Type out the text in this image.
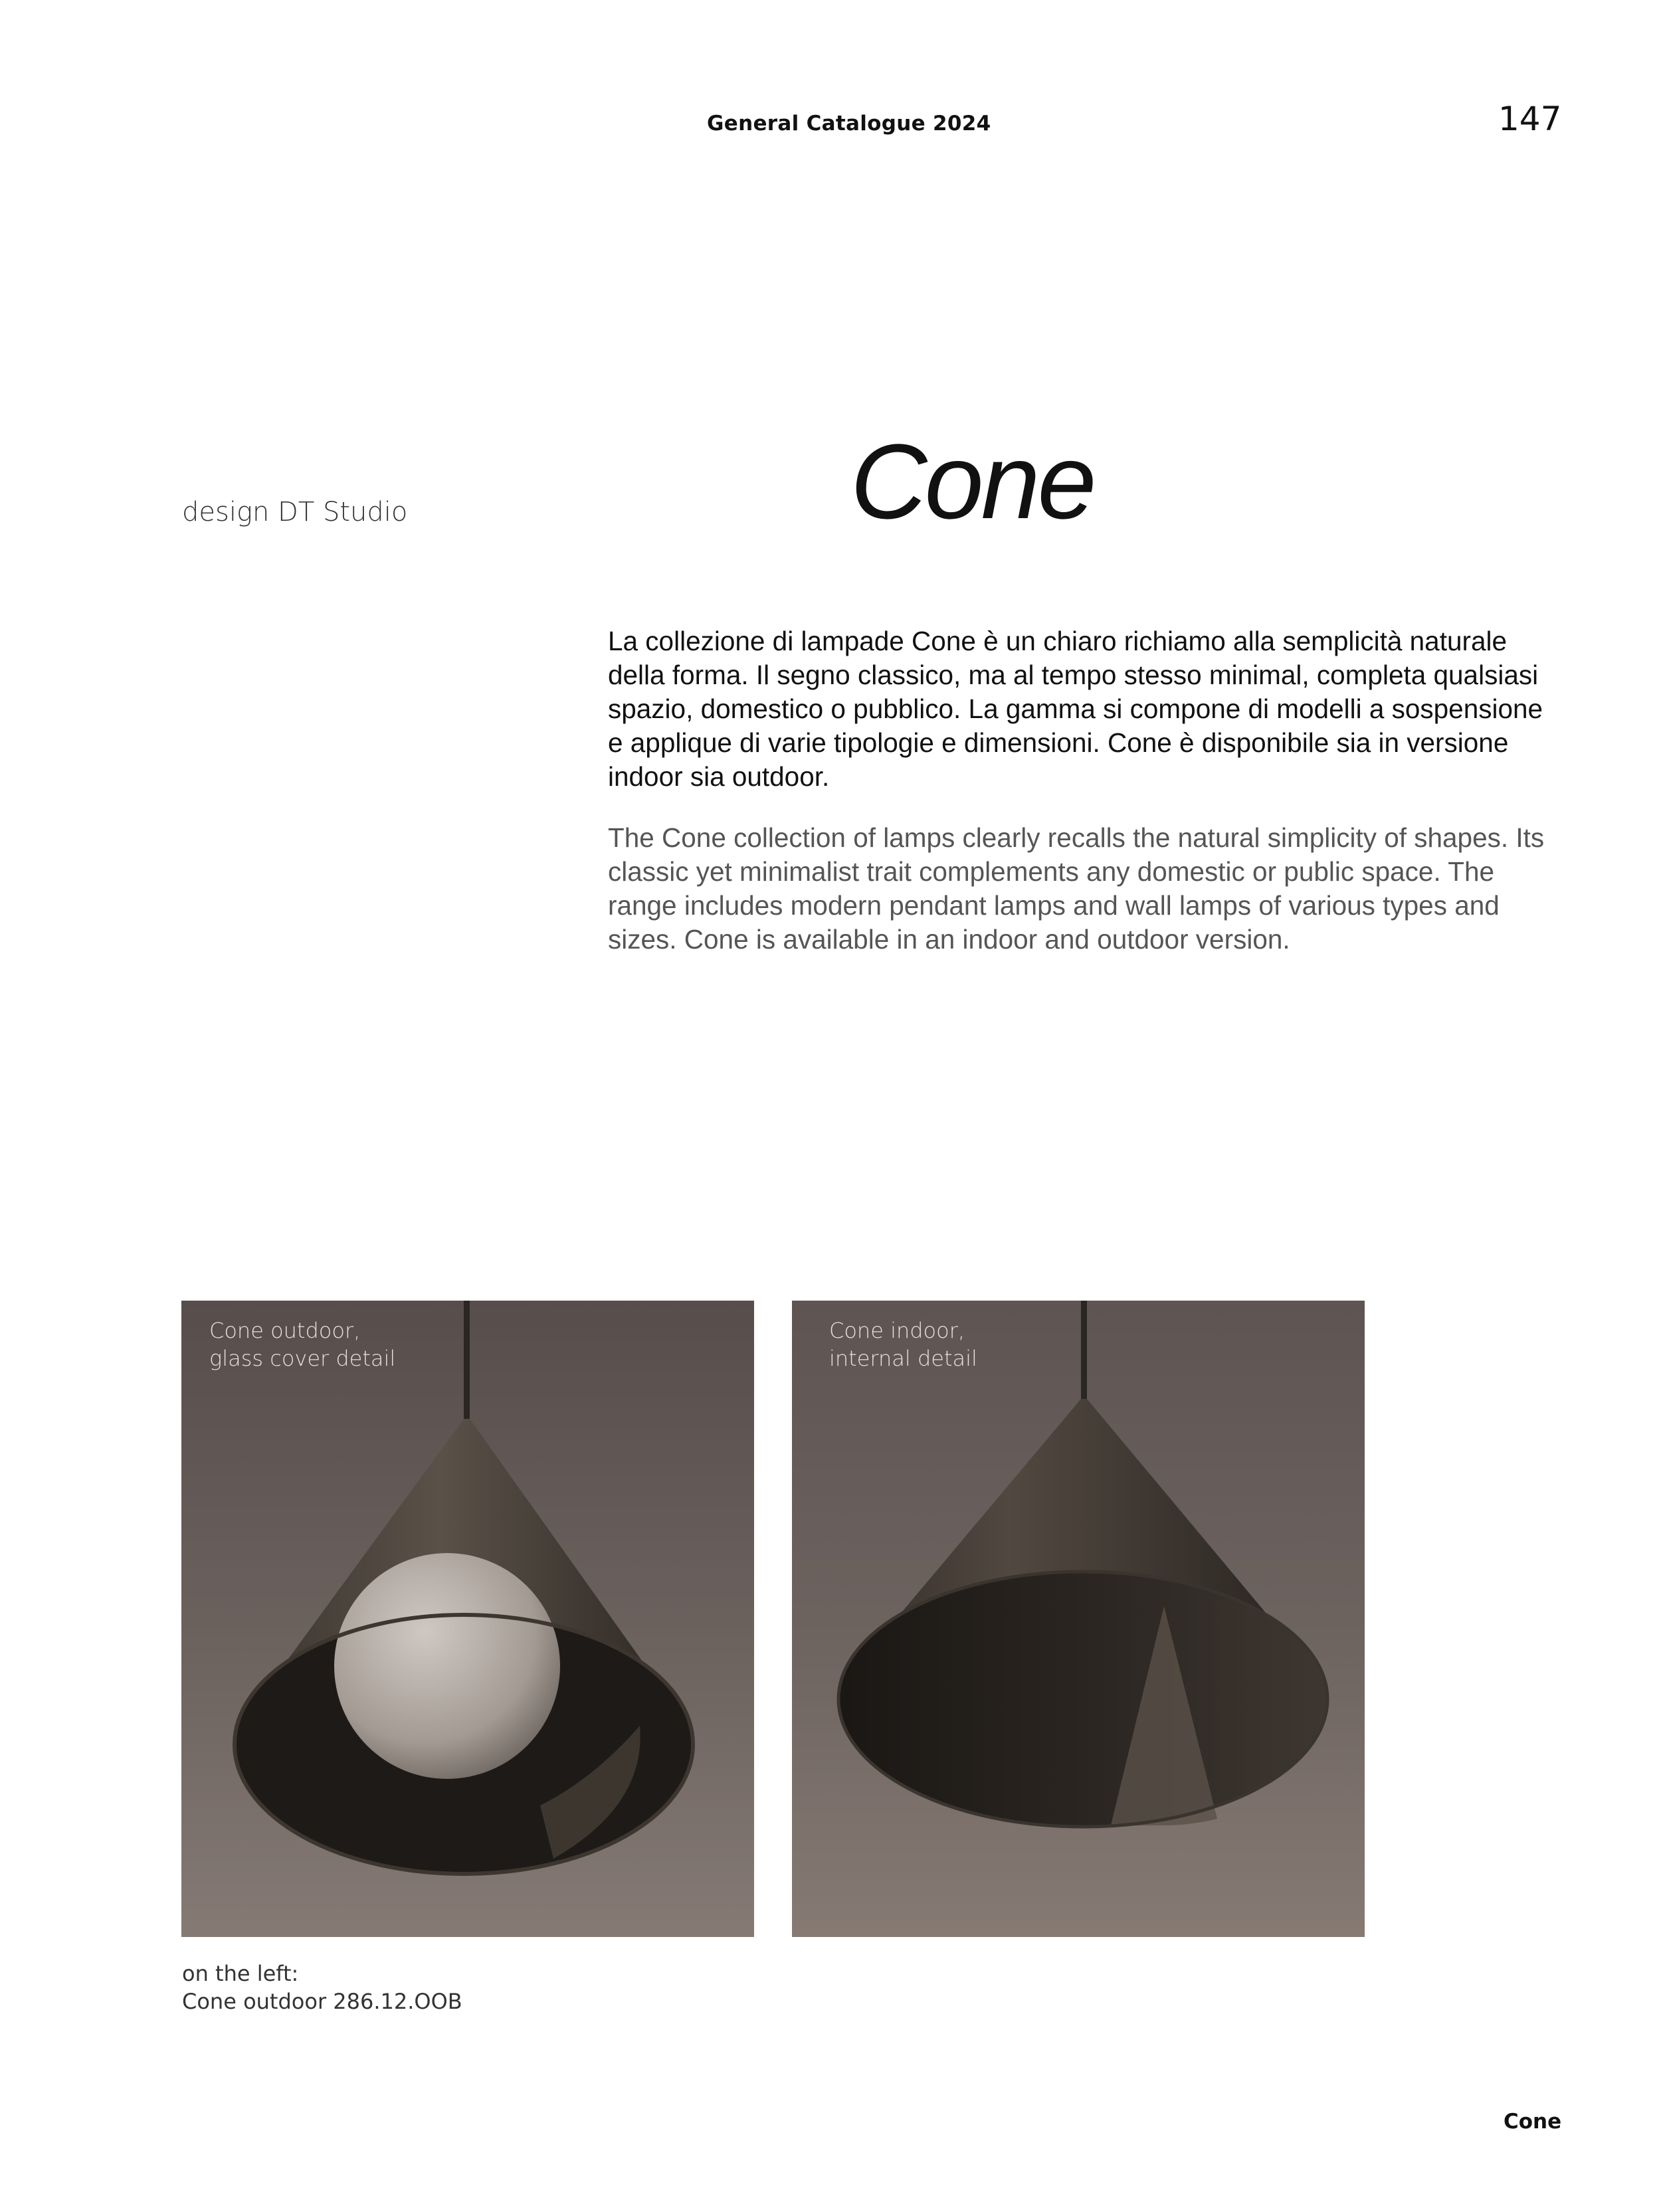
General Catalogue 2024	147
design DT Studio	Cone
La collezione di lampade Cone è un chiaro richiamo alla semplicità naturale della forma. Il segno classico, ma al tempo stesso minimal, completa qualsiasi spazio, domestico o pubblico. La gamma si compone di modelli a sospensione e applique di varie tipologie e dimensioni. Cone è disponibile sia in versione indoor sia outdoor.
The Cone collection of lamps clearly recalls the natural simplicity of shapes. Its classic yet minimalist trait complements any domestic or public space. The range includes modern pendant lamps and wall lamps of various types and sizes. Cone is available in an indoor and outdoor version.
Cone outdoor,
glass cover detail
Cone indoor,
internal detail
on the left:
Cone outdoor 286.12.OOB
Cone
